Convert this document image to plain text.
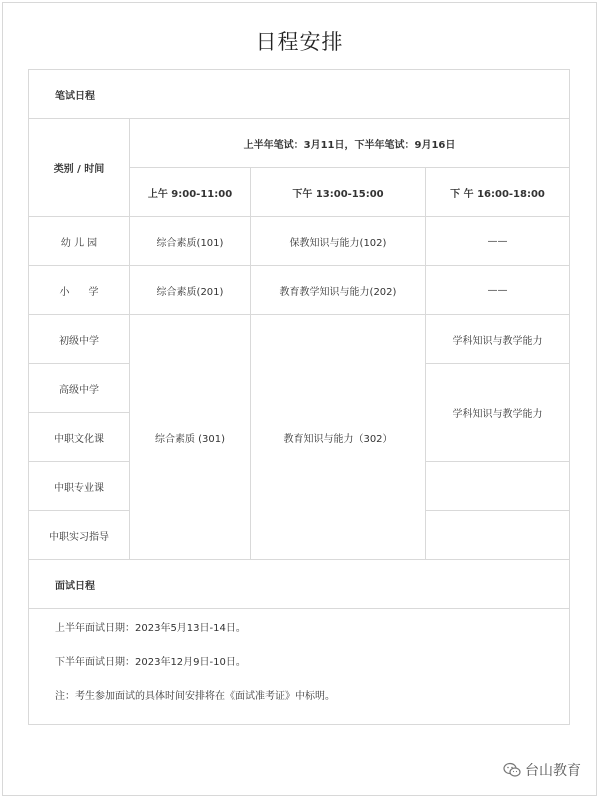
日程安排
笔试日程			
类别 / 时间	上半年笔试：3月11日，下半年笔试：9月16日		
	上午 9:00-11:00	下午 13:00-15:00	下 午 16:00-18:00
幼 儿 园	综合素质(101)	保教知识与能力(102)	——
小      学	综合素质(201)	教育教学知识与能力(202)	——
初级中学	综合素质 (301)	教育知识与能力（302）	学科知识与教学能力
高级中学			学科知识与教学能力
中职文化课			
中职专业课			
中职实习指导			
面试日程			

上半年面试日期：2023年5月13日-14日。
下半年面试日期：2023年12月9日-10日。
注：考生参加面试的具体时间安排将在《面试准考证》中标明。			
台山教育
